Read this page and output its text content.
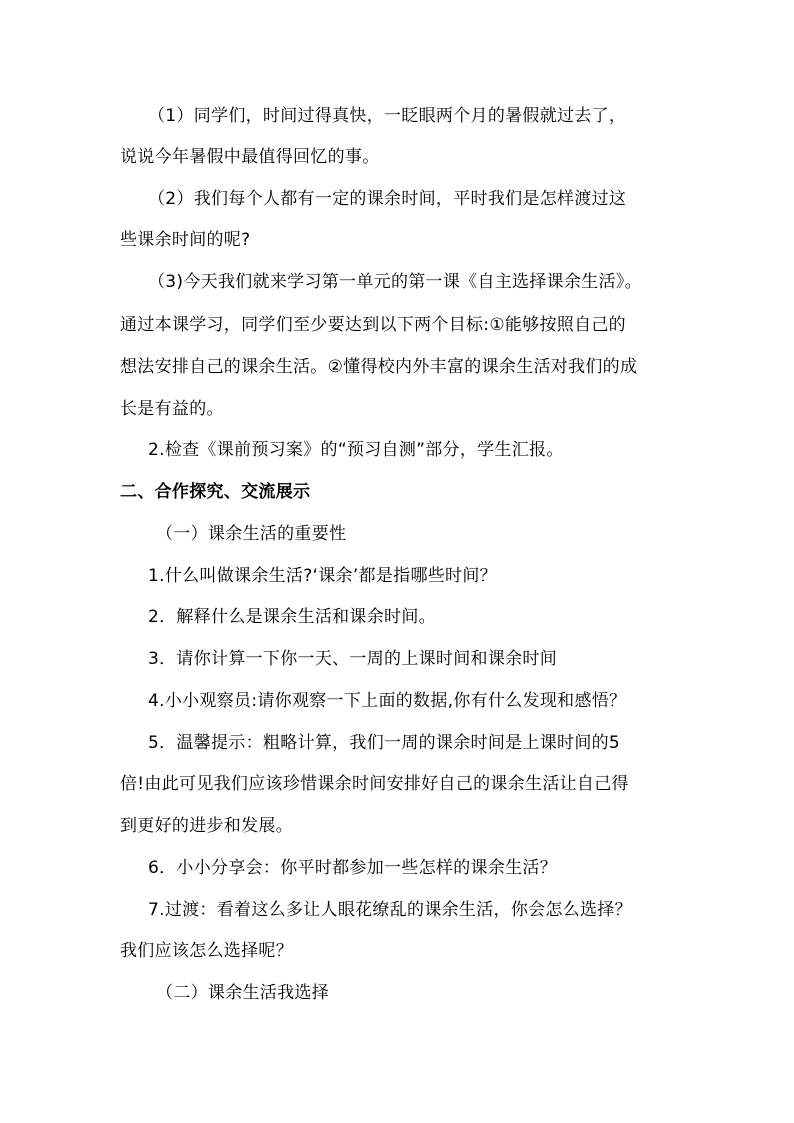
（1）同学们，时间过得真快，一眨眼两个月的暑假就过去了，
说说今年暑假中最值得回忆的事。
（2）我们每个人都有一定的课余时间，平时我们是怎样渡过这
些课余时间的呢?
（3)今天我们就来学习第一单元的第一课《自主选择课余生活》。
通过本课学习，同学们至少要达到以下两个目标:①能够按照自己的
想法安排自己的课余生活。②懂得校内外丰富的课余生活对我们的成
长是有益的。
2.检查《课前预习案》的“预习自测”部分，学生汇报。
二、合作探究、交流展示
（一）课余生活的重要性
1.什么叫做课余生活?‘课余’都是指哪些时间？
2．解释什么是课余生活和课余时间。
3．请你计算一下你一天、一周的上课时间和课余时间
4.小小观察员:请你观察一下上面的数据,你有什么发现和感悟？
5．温馨提示：粗略计算，我们一周的课余时间是上课时间的5
倍!由此可见我们应该珍惜课余时间安排好自己的课余生活让自己得
到更好的进步和发展。
6．小小分享会：你平时都参加一些怎样的课余生活？
7.过渡：看着这么多让人眼花缭乱的课余生活，你会怎么选择？
我们应该怎么选择呢？
（二）课余生活我选择
